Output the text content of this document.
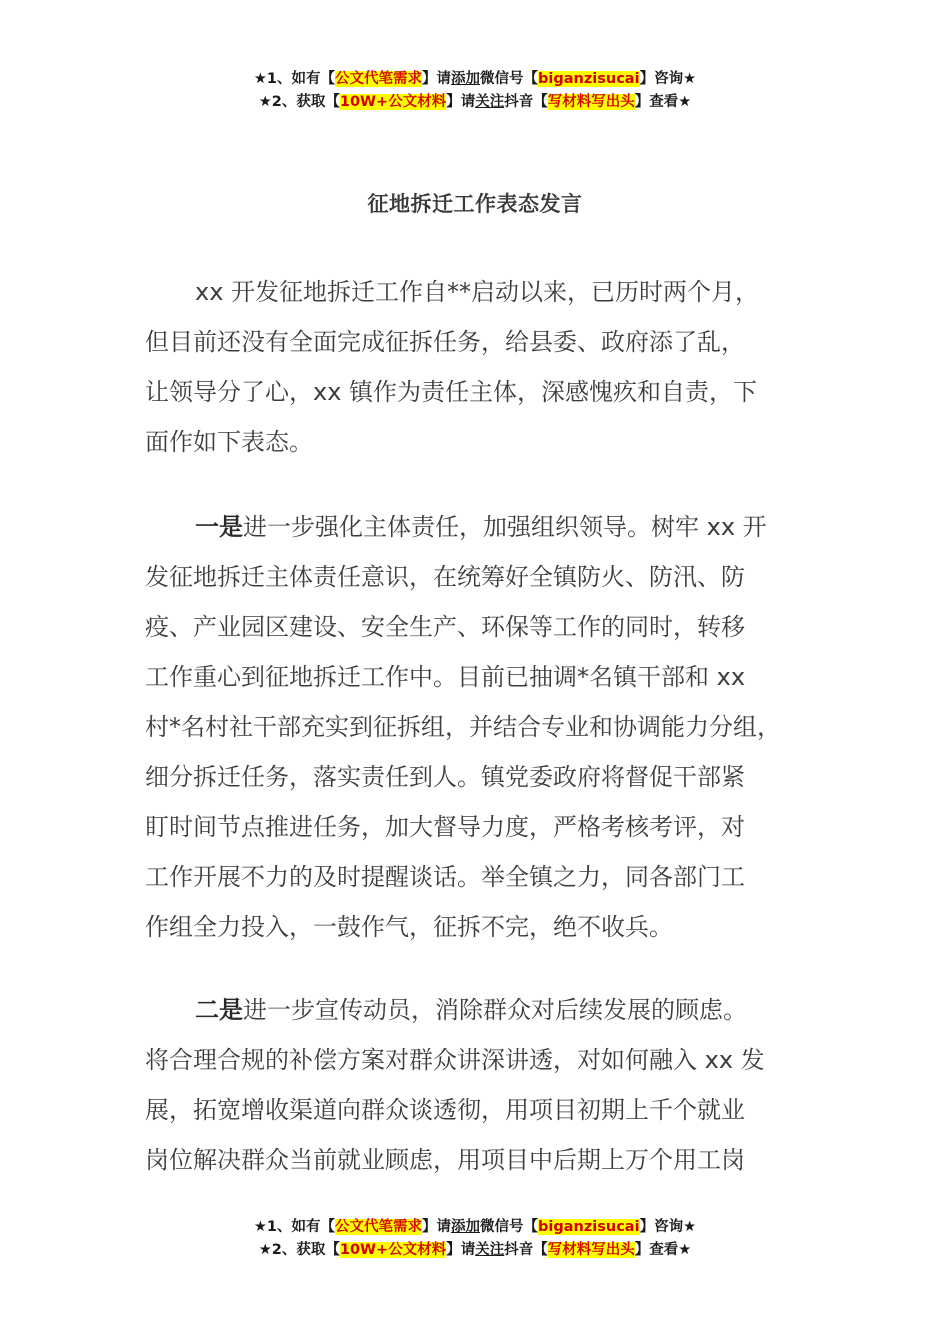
★1、如有【公文代笔需求】请添加微信号【biganzisucai】咨询★
★2、获取【10W+公文材料】请关注抖音【写材料写出头】查看★
征地拆迁工作表态发言
xx 开发征地拆迁工作自**启动以来，已历时两个月，
但目前还没有全面完成征拆任务，给县委、政府添了乱，
让领导分了心，xx 镇作为责任主体，深感愧疚和自责，下
面作如下表态。
一是进一步强化主体责任，加强组织领导。树牢 xx 开
发征地拆迁主体责任意识，在统筹好全镇防火、防汛、防
疫、产业园区建设、安全生产、环保等工作的同时，转移
工作重心到征地拆迁工作中。目前已抽调*名镇干部和 xx
村*名村社干部充实到征拆组，并结合专业和协调能力分组，
细分拆迁任务，落实责任到人。镇党委政府将督促干部紧
盯时间节点推进任务，加大督导力度，严格考核考评，对
工作开展不力的及时提醒谈话。举全镇之力，同各部门工
作组全力投入，一鼓作气，征拆不完，绝不收兵。
二是进一步宣传动员，消除群众对后续发展的顾虑。
将合理合规的补偿方案对群众讲深讲透，对如何融入 xx 发
展，拓宽增收渠道向群众谈透彻，用项目初期上千个就业
岗位解决群众当前就业顾虑，用项目中后期上万个用工岗
★1、如有【公文代笔需求】请添加微信号【biganzisucai】咨询★
★2、获取【10W+公文材料】请关注抖音【写材料写出头】查看★
